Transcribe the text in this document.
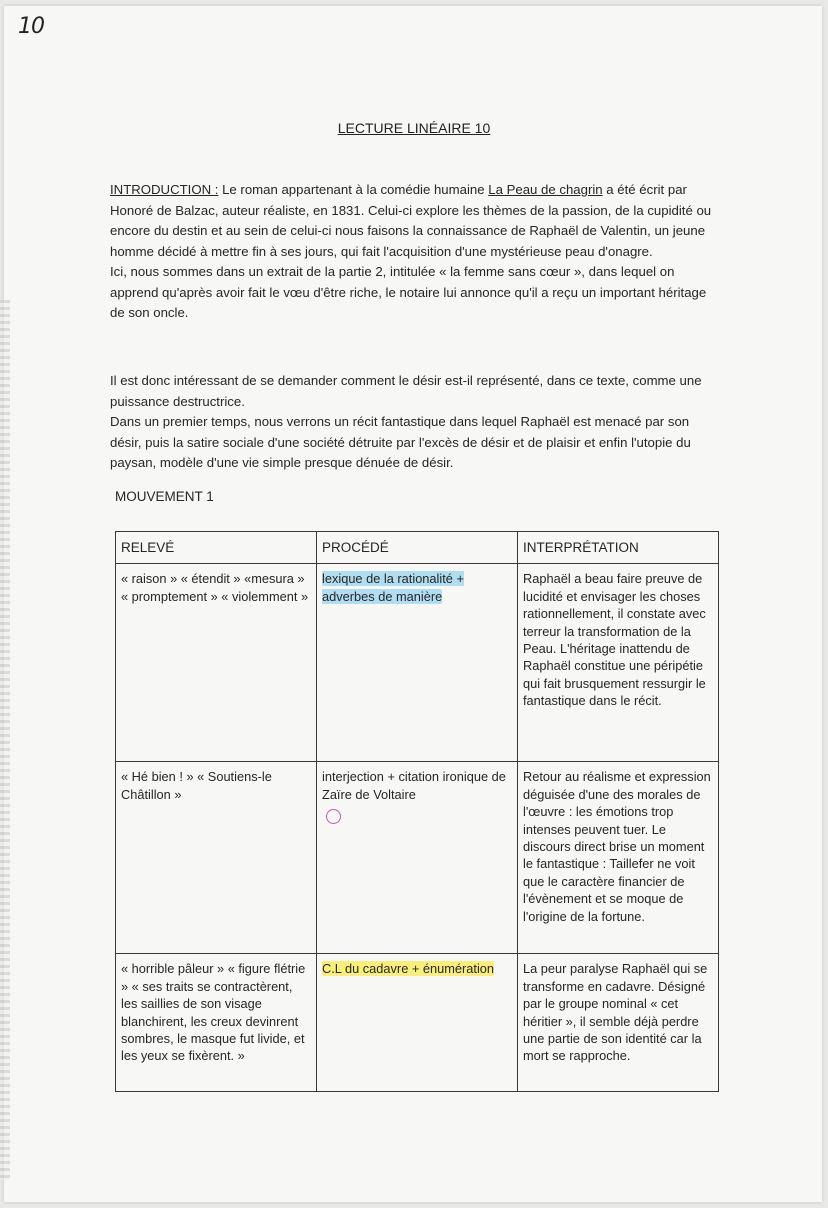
10
LECTURE LINÉAIRE 10
INTRODUCTION : Le roman appartenant à la comédie humaine La Peau de chagrin a été écrit par Honoré de Balzac, auteur réaliste, en 1831. Celui-ci explore les thèmes de la passion, de la cupidité ou encore du destin et au sein de celui-ci nous faisons la connaissance de Raphaël de Valentin, un jeune homme décidé à mettre fin à ses jours, qui fait l'acquisition d'une mystérieuse peau d'onagre.
Ici, nous sommes dans un extrait de la partie 2, intitulée « la femme sans cœur », dans lequel on apprend qu'après avoir fait le vœu d'être riche, le notaire lui annonce qu'il a reçu un important héritage de son oncle.
Il est donc intéressant de se demander comment le désir est-il représenté, dans ce texte, comme une puissance destructrice.
Dans un premier temps, nous verrons un récit fantastique dans lequel Raphaël est menacé par son désir, puis la satire sociale d'une société détruite par l'excès de désir et de plaisir et enfin l'utopie du paysan, modèle d'une vie simple presque dénuée de désir.
MOUVEMENT 1
RELEVÉ	PROCÉDÉ	INTERPRÉTATION
« raison » « étendit » «mesura » « promptement » « violemment »	lexique de la rationalité + adverbes de manière	Raphaël a beau faire preuve de lucidité et envisager les choses rationnellement, il constate avec terreur la transformation de la Peau. L'héritage inattendu de Raphaël constitue une péripétie qui fait brusquement ressurgir le fantastique dans le récit.
« Hé bien ! » « Soutiens-le Châtillon »	interjection + citation ironique de Zaïre de Voltaire	Retour au réalisme et expression déguisée d'une des morales de l'œuvre : les émotions trop intenses peuvent tuer. Le discours direct brise un moment le fantastique : Taillefer ne voit que le caractère financier de l'évènement et se moque de l'origine de la fortune.
« horrible pâleur » « figure flétrie » « ses traits se contractèrent, les saillies de son visage blanchirent, les creux devinrent sombres, le masque fut livide, et les yeux se fixèrent. »	C.L du cadavre + énumération	La peur paralyse Raphaël qui se transforme en cadavre. Désigné par le groupe nominal « cet héritier », il semble déjà perdre une partie de son identité car la mort se rapproche.
